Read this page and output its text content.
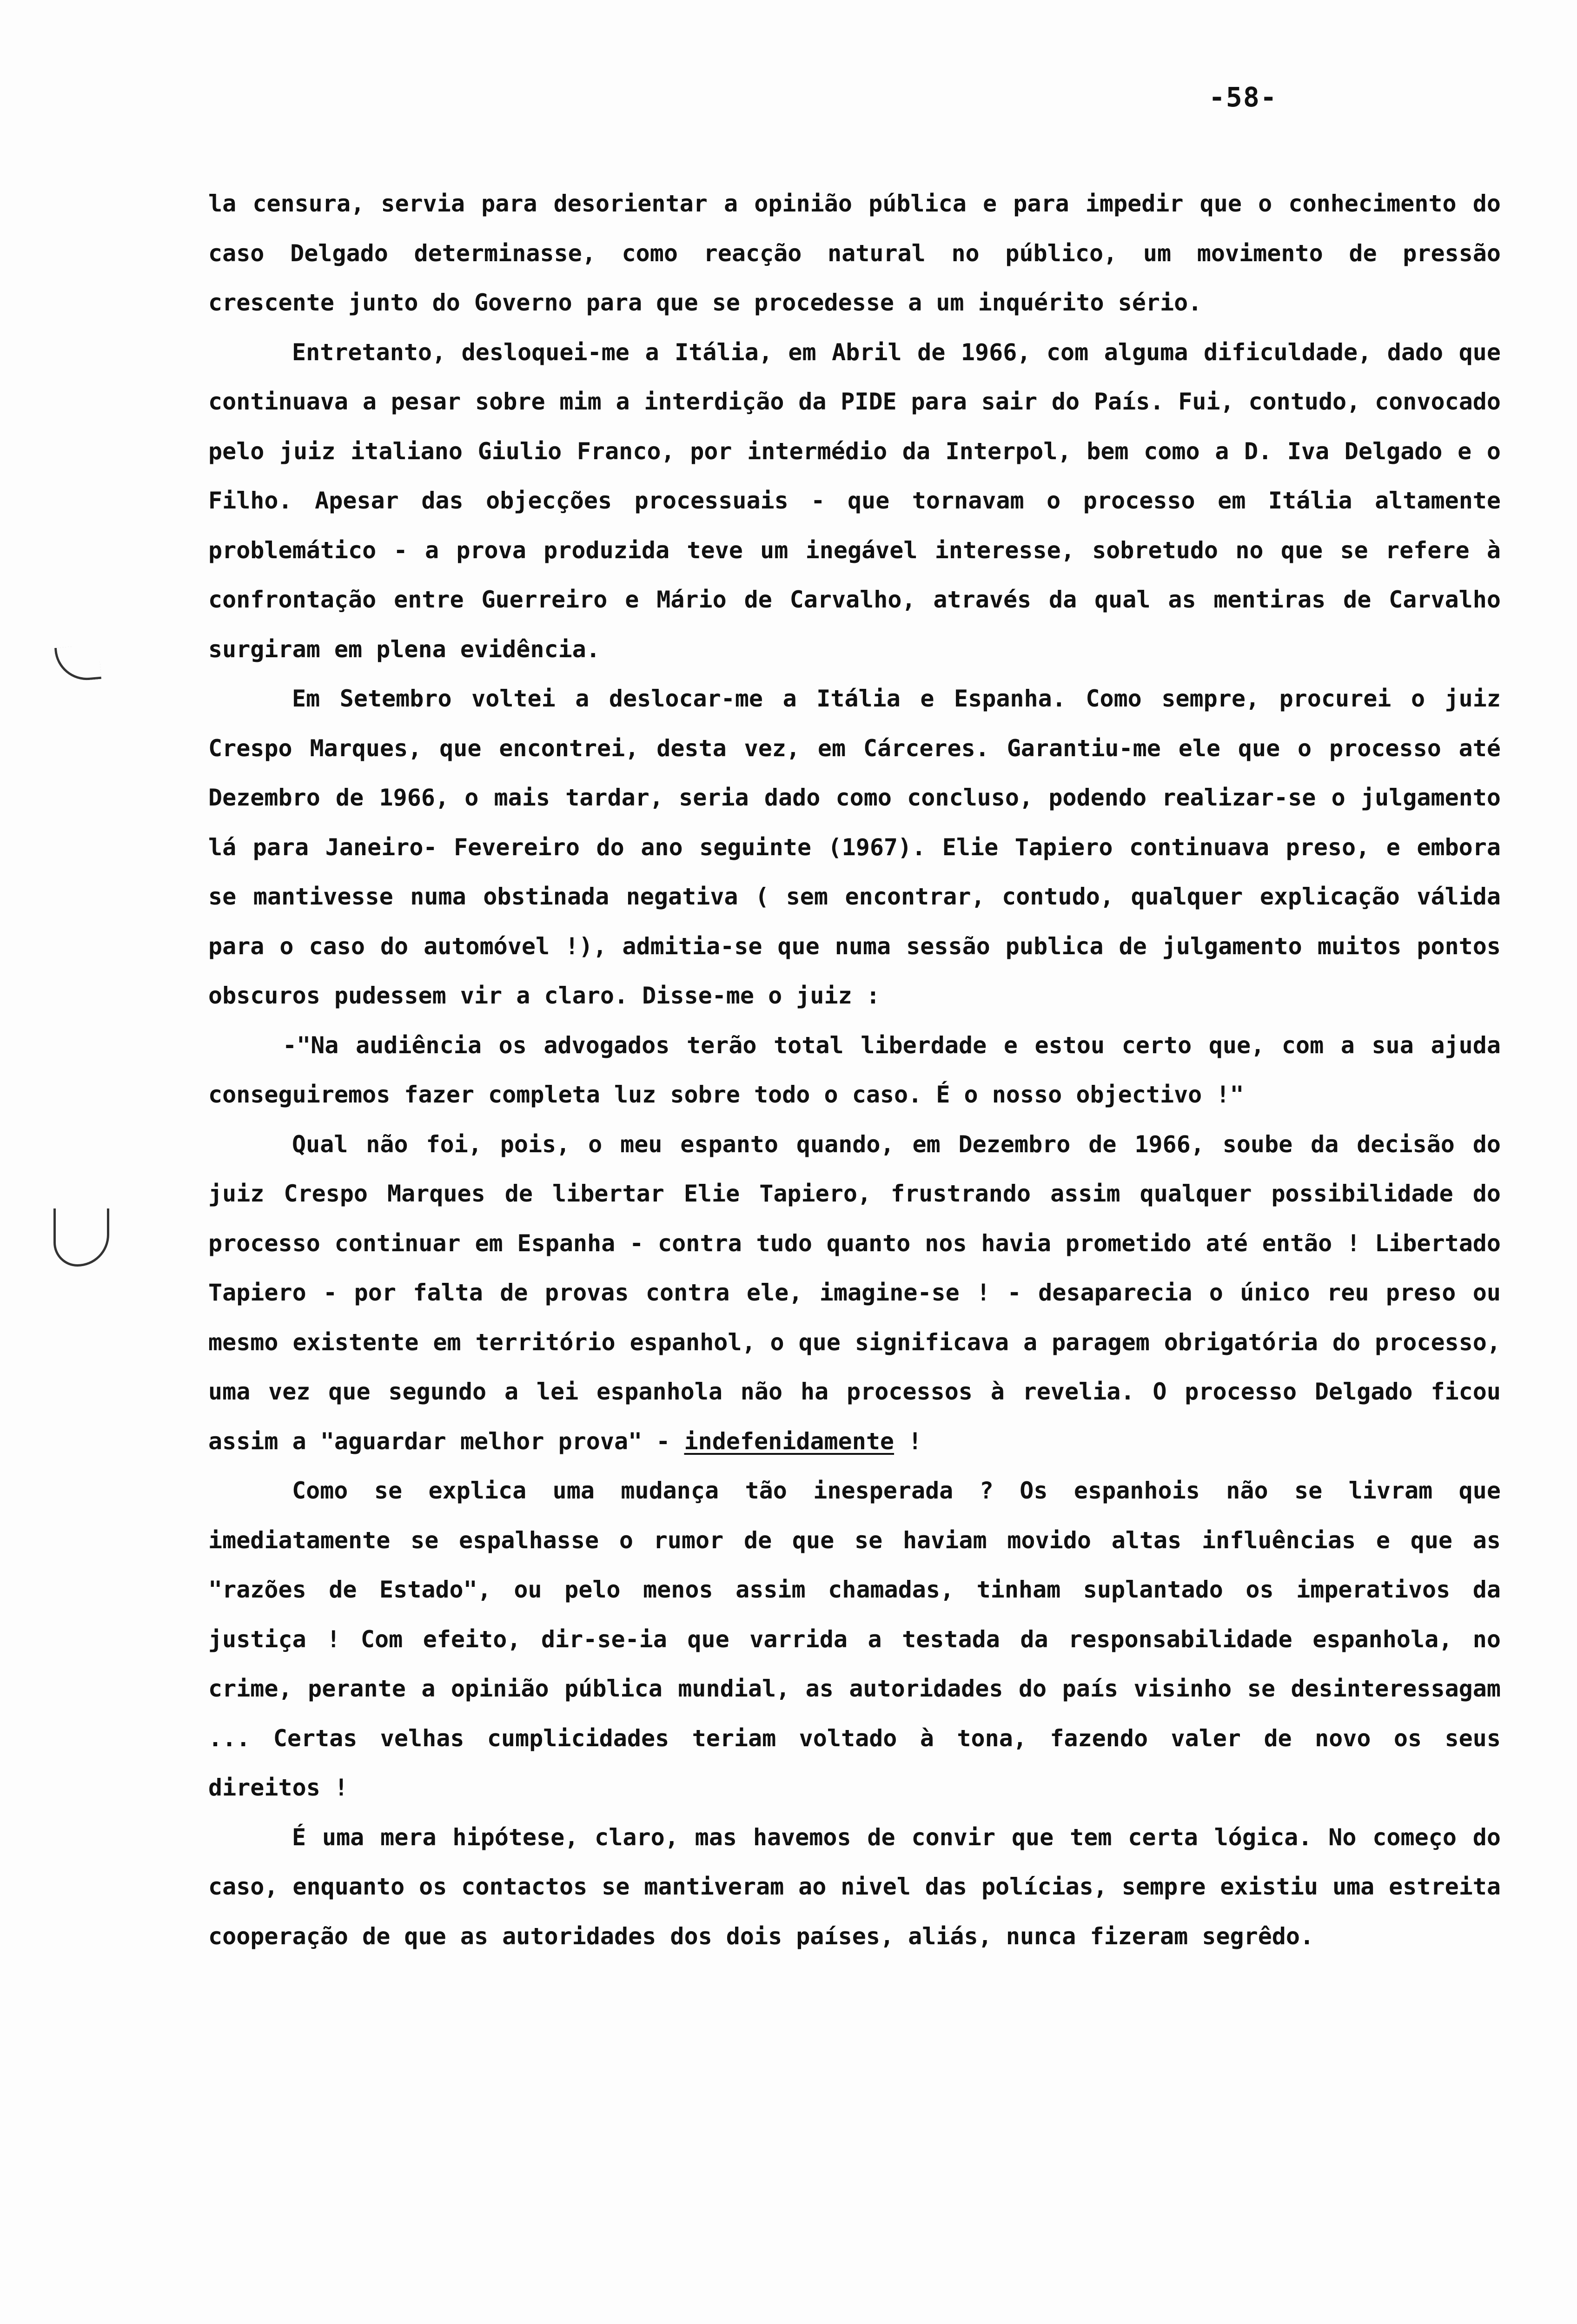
-58-

la censura, servia para desorientar a opinião pública e para impedir que o conhecimento do caso Delgado determinasse, como reacção natural no público, um movimento de pressão crescente junto do Governo para que se procedesse a um inquérito sério.

Entretanto, desloquei-me a Itália, em Abril de 1966, com alguma dificuldade, dado que continuava a pesar sobre mim a interdição da PIDE para sair do País. Fui, contudo, convocado pelo juiz italiano Giulio Franco, por intermédio da Interpol, bem como a D. Iva Delgado e o Filho. Apesar das objecções processuais - que tornavam o processo em Itália altamente problemático - a prova produzida teve um inegável interesse, sobretudo no que se refere à confrontação entre Guerreiro e Mário de Carvalho, através da qual as mentiras de Carvalho surgiram em plena evidência.

Em Setembro voltei a deslocar-me a Itália e Espanha. Como sempre, procurei o juiz Crespo Marques, que encontrei, desta vez, em Cárceres. Garantiu-me ele que o processo até Dezembro de 1966, o mais tardar, seria dado como concluso, podendo realizar-se o julgamento lá para Janeiro- Fevereiro do ano seguinte (1967). Elie Tapiero continuava preso, e embora se mantivesse numa obstinada negativa ( sem encontrar, contudo, qualquer explicação válida para o caso do automóvel !), admitia-se que numa sessão publica de julgamento muitos pontos obscuros pudessem vir a claro. Disse-me o juiz :

-"Na audiência os advogados terão total liberdade e estou certo que, com a sua ajuda conseguiremos fazer completa luz sobre todo o caso. É o nosso objectivo !"

Qual não foi, pois, o meu espanto quando, em Dezembro de 1966, soube da decisão do juiz Crespo Marques de libertar Elie Tapiero, frustrando assim qualquer possibilidade do processo continuar em Espanha - contra tudo quanto nos havia prometido até então ! Libertado Tapiero - por falta de provas contra ele, imagine-se ! - desaparecia o único reu preso ou mesmo existente em território espanhol, o que significava a paragem obrigatória do processo, uma vez que segundo a lei espanhola não ha processos à revelia. O processo Delgado ficou assim a "aguardar melhor prova" - indefenidamente !

Como se explica uma mudança tão inesperada ? Os espanhois não se livram que imediatamente se espalhasse o rumor de que se haviam movido altas influências e que as "razões de Estado", ou pelo menos assim chamadas, tinham suplantado os imperativos da justiça ! Com efeito, dir-se-ia que varrida a testada da responsabilidade espanhola, no crime, perante a opinião pública mundial, as autoridades do país visinho se desinteressagam ... Certas velhas cumplicidades teriam voltado à tona, fazendo valer de novo os seus direitos !

É uma mera hipótese, claro, mas havemos de convir que tem certa lógica. No começo do caso, enquanto os contactos se mantiveram ao nivel das polícias, sempre existiu uma estreita cooperação de que as autoridades dos dois países, aliás, nunca fizeram segrêdo.
